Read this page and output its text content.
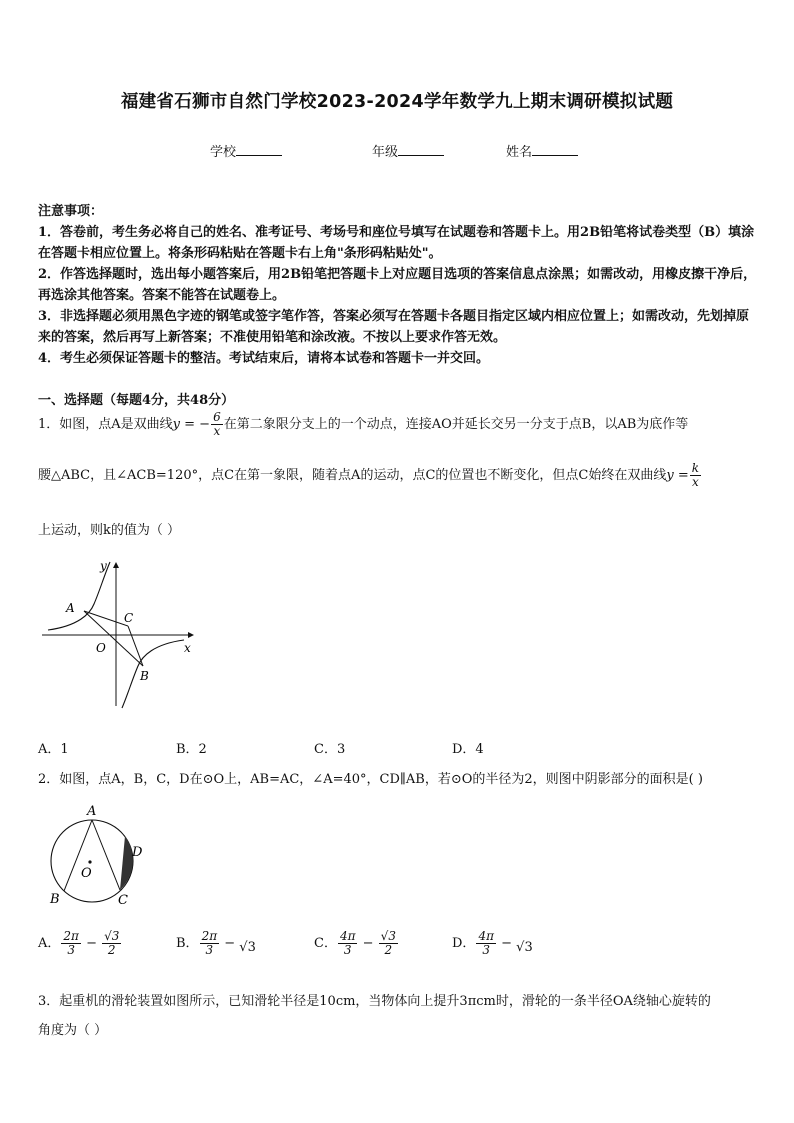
福建省石狮市自然门学校2023-2024学年数学九上期末调研模拟试题
学校	年级	姓名

注意事项：

1．答卷前，考生务必将自己的姓名、准考证号、考场号和座位号填写在试题卷和答题卡上。用2B铅笔将试卷类型（B）填涂在答题卡相应位置上。将条形码粘贴在答题卡右上角"条形码粘贴处"。

2．作答选择题时，选出每小题答案后，用2B铅笔把答题卡上对应题目选项的答案信息点涂黑；如需改动，用橡皮擦干净后，再选涂其他答案。答案不能答在试题卷上。

3．非选择题必须用黑色字迹的钢笔或签字笔作答，答案必须写在答题卡各题目指定区域内相应位置上；如需改动，先划掉原来的答案，然后再写上新答案；不准使用铅笔和涂改液。不按以上要求作答无效。

4．考生必须保证答题卡的整洁。考试结束后，请将本试卷和答题卡一并交回。

一、选择题（每题4分，共48分）
1．如图，点A是双曲线y = − $\frac{6}{x}$ 在第二象限分支上的一个动点，连接AO并延长交另一分支于点B，以AB为底作等
腰△ABC，且∠ACB=120°，点C在第一象限，随着点A的运动，点C的位置也不断变化，但点C始终在双曲线$y = \frac{k}{x}$
上运动，则k的值为（ ）
y
x
O
A
B
C
A．1	B．2	C．3	D．4
2．如图，点A，B，C，D在⊙O上，AB=AC，∠A=40°，CD∥AB，若⊙O的半径为2，则图中阴影部分的面积是( )
A
B	C
D
O
A． $\frac{2\pi}{3} - \frac{√3}{2}$	B． $\frac{2\pi}{3} - √3$	C． $\frac{4\pi}{3} - \frac{√3}{2}$	D． $\frac{4\pi}{3} - √3$
3．起重机的滑轮装置如图所示，已知滑轮半径是10cm，当物体向上提升3πcm时，滑轮的一条半径OA绕轴心旋转的
角度为（ ）
